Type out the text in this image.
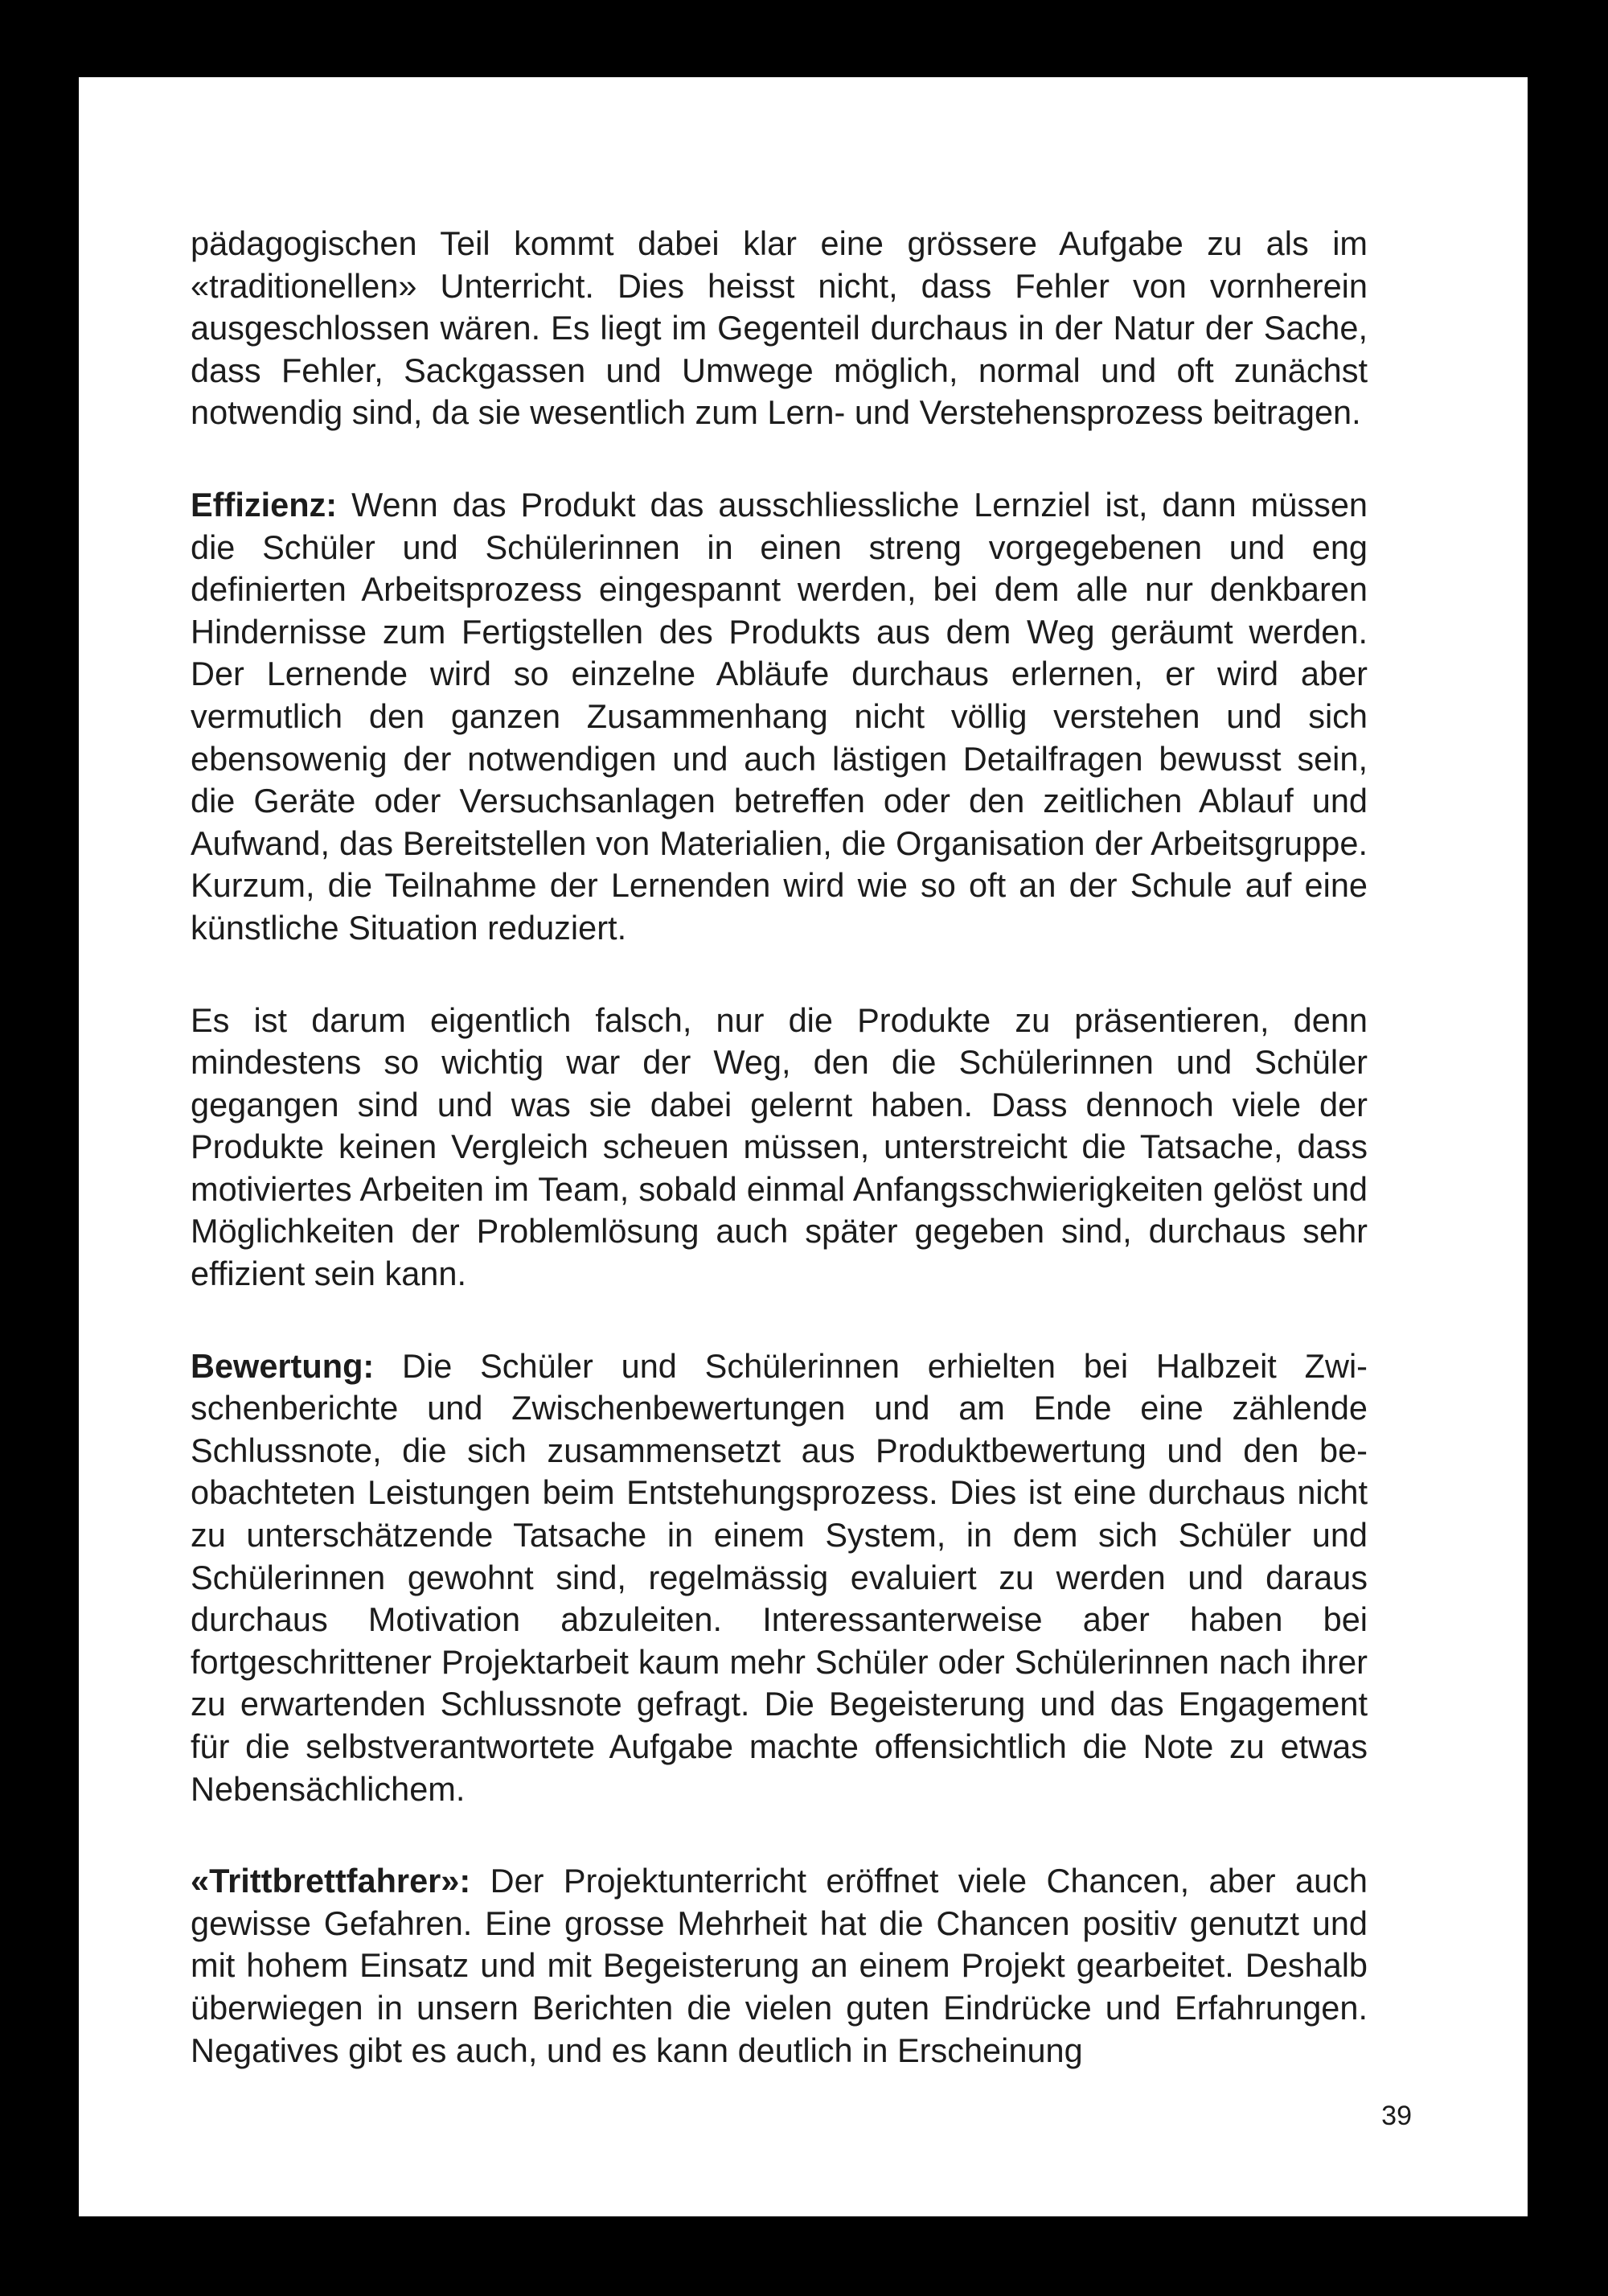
pädagogischen Teil kommt dabei klar eine grössere Aufgabe zu als im «traditionellen» Unterricht. Dies heisst nicht, dass Fehler von vornherein ausgeschlossen wären. Es liegt im Gegenteil durchaus in der Natur der Sache, dass Fehler, Sackgassen und Umwege möglich, normal und oft zunächst notwendig sind, da sie wesentlich zum Lern- und Verstehensprozess beitragen.

Effizienz: Wenn das Produkt das ausschliessliche Lernziel ist, dann müssen die Schüler und Schülerinnen in einen streng vorgegebenen und eng definierten Arbeitsprozess eingespannt werden, bei dem alle nur denkbaren Hindernisse zum Fertigstellen des Produkts aus dem Weg geräumt werden. Der Lernende wird so einzelne Abläufe durchaus erlernen, er wird aber vermutlich den ganzen Zusammenhang nicht völlig verstehen und sich ebensowenig der notwendigen und auch lästigen Detailfragen bewusst sein, die Geräte oder Versuchsanlagen betreffen oder den zeitlichen Ablauf und Aufwand, das Bereitstellen von Materialien, die Organisation der Arbeitsgruppe. Kurzum, die Teilnahme der Lernenden wird wie so oft an der Schule auf eine künstliche Situation reduziert.

Es ist darum eigentlich falsch, nur die Produkte zu präsentieren, denn mindestens so wichtig war der Weg, den die Schülerinnen und Schüler gegangen sind und was sie dabei gelernt haben. Dass dennoch viele der Produkte keinen Vergleich scheuen müssen, unterstreicht die Tatsache, dass motiviertes Arbeiten im Team, sobald einmal Anfangsschwierigkeiten gelöst und Möglichkeiten der Problemlösung auch später gegeben sind, durchaus sehr effizient sein kann.

Bewertung: Die Schüler und Schülerinnen erhielten bei Halbzeit Zwischenberichte und Zwischenbewertungen und am Ende eine zählende Schlussnote, die sich zusammensetzt aus Produktbewertung und den beobachteten Leistungen beim Entstehungsprozess. Dies ist eine durchaus nicht zu unterschätzende Tatsache in einem System, in dem sich Schüler und Schülerinnen gewohnt sind, regelmässig evaluiert zu werden und daraus durchaus Motivation abzuleiten. Interessanterweise aber haben bei fortgeschrittener Projektarbeit kaum mehr Schüler oder Schülerinnen nach ihrer zu erwartenden Schlussnote gefragt. Die Begeisterung und das Engagement für die selbstverantwortete Aufgabe machte offensichtlich die Note zu etwas Nebensächlichem.

«Trittbrettfahrer»: Der Projektunterricht eröffnet viele Chancen, aber auch gewisse Gefahren. Eine grosse Mehrheit hat die Chancen positiv genutzt und mit hohem Einsatz und mit Begeisterung an einem Projekt gearbeitet. Deshalb überwiegen in unsern Berichten die vielen guten Eindrücke und Erfahrungen. Negatives gibt es auch, und es kann deutlich in Erscheinung

39
